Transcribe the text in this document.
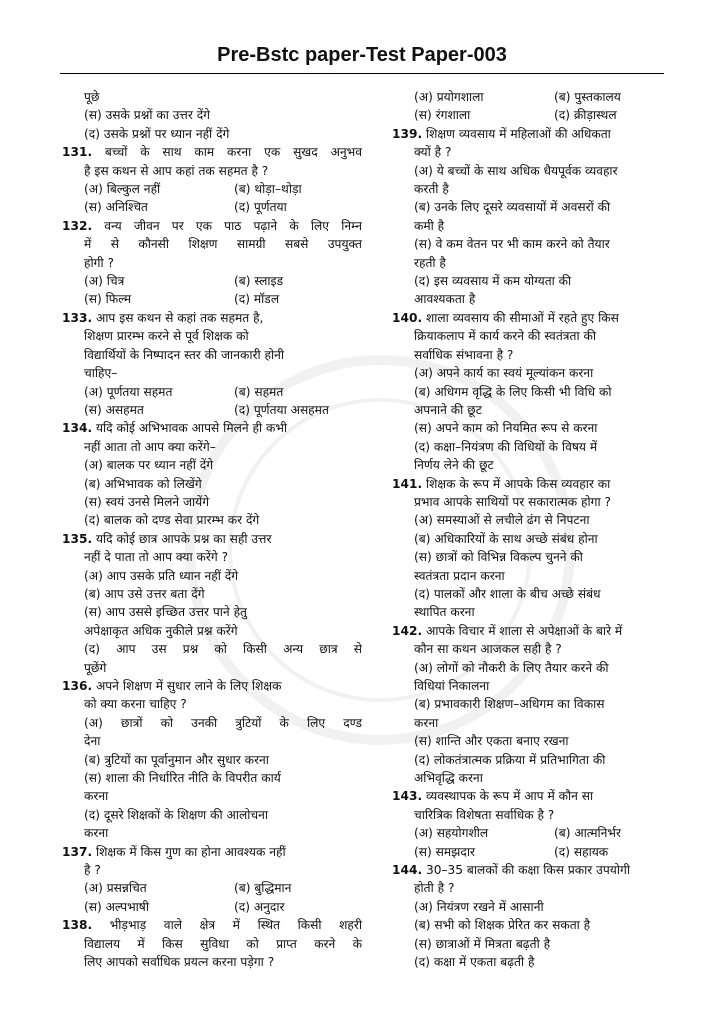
Pre-Bstc paper-Test Paper-003
पूछे
(स) उसके प्रश्नों का उत्तर देंगे
(द) उसके प्रश्नों पर ध्यान नहीं देंगे
131. बच्चों के साथ काम करना एक सुखद अनुभव
है इस कथन से आप कहां तक सहमत है ?
(अ) बिल्कुल नहीं	(ब) थोड़ा–थोड़ा
(स) अनिश्चित	(द) पूर्णतया
132. वन्य जीवन पर एक पाठ पढ़ाने के लिए निम्न
में से कौनसी शिक्षण सामग्री सबसे उपयुक्त
होगी ?
(अ) चित्र	(ब) स्लाइड
(स) फिल्म	(द) मॉडल
133. आप इस कथन से कहां तक सहमत है,
शिक्षण प्रारम्भ करने से पूर्व शिक्षक को
विद्यार्थियों के निष्पादन स्तर की जानकारी होनी
चाहिए–
(अ) पूर्णतया सहमत	(ब) सहमत
(स) असहमत	(द) पूर्णतया असहमत
134. यदि कोई अभिभावक आपसे मिलने ही कभी
नहीं आता तो आप क्या करेंगे–
(अ) बालक पर ध्यान नहीं देंगे
(ब) अभिभावक को लिखेंगे
(स) स्वयं उनसे मिलने जायेंगे
(द) बालक को दण्ड सेवा प्रारम्भ कर देंगे
135. यदि कोई छात्र आपके प्रश्न का सही उत्तर
नहीं दे पाता तो आप क्या करेंगे ?
(अ) आप उसके प्रति ध्यान नहीं देंगे
(ब) आप उसे उत्तर बता देंगे
(स) आप उससे इच्छित उत्तर पाने हेतु
अपेक्षाकृत अधिक नुकीले प्रश्न करेंगे
(द) आप उस प्रश्न को किसी अन्य छात्र से
पूछेंगे
136. अपने शिक्षण में सुधार लाने के लिए शिक्षक
को क्या करना चाहिए ?
(अ) छात्रों को उनकी त्रुटियों के लिए दण्ड
देना
(ब) त्रुटियों का पूर्वानुमान और सुधार करना
(स) शाला की निर्धारित नीति के विपरीत कार्य
करना
(द) दूसरे शिक्षकों के शिक्षण की आलोचना
करना
137. शिक्षक में किस गुण का होना आवश्यक नहीं
है ?
(अ) प्रसन्नचित	(ब) बुद्धिमान
(स) अल्पभाषी	(द) अनुदार
138. भीड़भाड़ वाले क्षेत्र में स्थित किसी शहरी
विद्यालय में किस सुविधा को प्राप्त करने के
लिए आपको सर्वाधिक प्रयत्न करना पड़ेगा ?
(अ) प्रयोगशाला	(ब) पुस्तकालय
(स) रंगशाला	(द) क्रीड़ास्थल
139. शिक्षण व्यवसाय में महिलाओं की अधिकता
क्यों है ?
(अ) ये बच्चों के साथ अधिक धैयपूर्वक व्यवहार
करती है
(ब) उनके लिए दूसरे व्यवसायों में अवसरों की
कमी है
(स) वे कम वेतन पर भी काम करने को तैयार
रहती है
(द) इस व्यवसाय में कम योग्यता की
आवश्यकता है
140. शाला व्यवसाय की सीमाओं में रहते हुए किस
क्रियाकलाप में कार्य करने की स्वतंत्रता की
सर्वाधिक संभावना है ?
(अ) अपने कार्य का स्वयं मूल्यांकन करना
(ब) अधिगम वृद्धि के लिए किसी भी विधि को
अपनाने की छूट
(स) अपने काम को नियमित रूप से करना
(द) कक्षा–नियंत्रण की विधियों के विषय में
निर्णय लेने की छूट
141. शिक्षक के रूप में आपके किस व्यवहार का
प्रभाव आपके साथियों पर सकारात्मक होगा ?
(अ) समस्याओं से लचीले ढंग से निपटना
(ब) अधिकारियों के साथ अच्छे संबंध होना
(स) छात्रों को विभिन्न विकल्प चुनने की
स्वतंत्रता प्रदान करना
(द) पालकों और शाला के बीच अच्छे संबंध
स्थापित करना
142. आपके विचार में शाला से अपेक्षाओं के बारे में
कौन सा कथन आजकल सही है ?
(अ) लोगों को नौकरी के लिए तैयार करने की
विधियां निकालना
(ब) प्रभावकारी शिक्षण–अधिगम का विकास
करना
(स) शान्ति और एकता बनाए रखना
(द) लोकतंत्रात्मक प्रक्रिया में प्रतिभागिता की
अभिवृद्धि करना
143. व्यवस्थापक के रूप में आप में कौन सा
चारित्रिक विशेषता सर्वाधिक है ?
(अ) सहयोगशील	(ब) आत्मनिर्भर
(स) समझदार	(द) सहायक
144. 30–35 बालकों की कक्षा किस प्रकार उपयोगी
होती है ?
(अ) नियंत्रण रखने में आसानी
(ब) सभी को शिक्षक प्रेरित कर सकता है
(स) छात्राओं में मित्रता बढ़ती है
(द) कक्षा में एकता बढ़ती है
